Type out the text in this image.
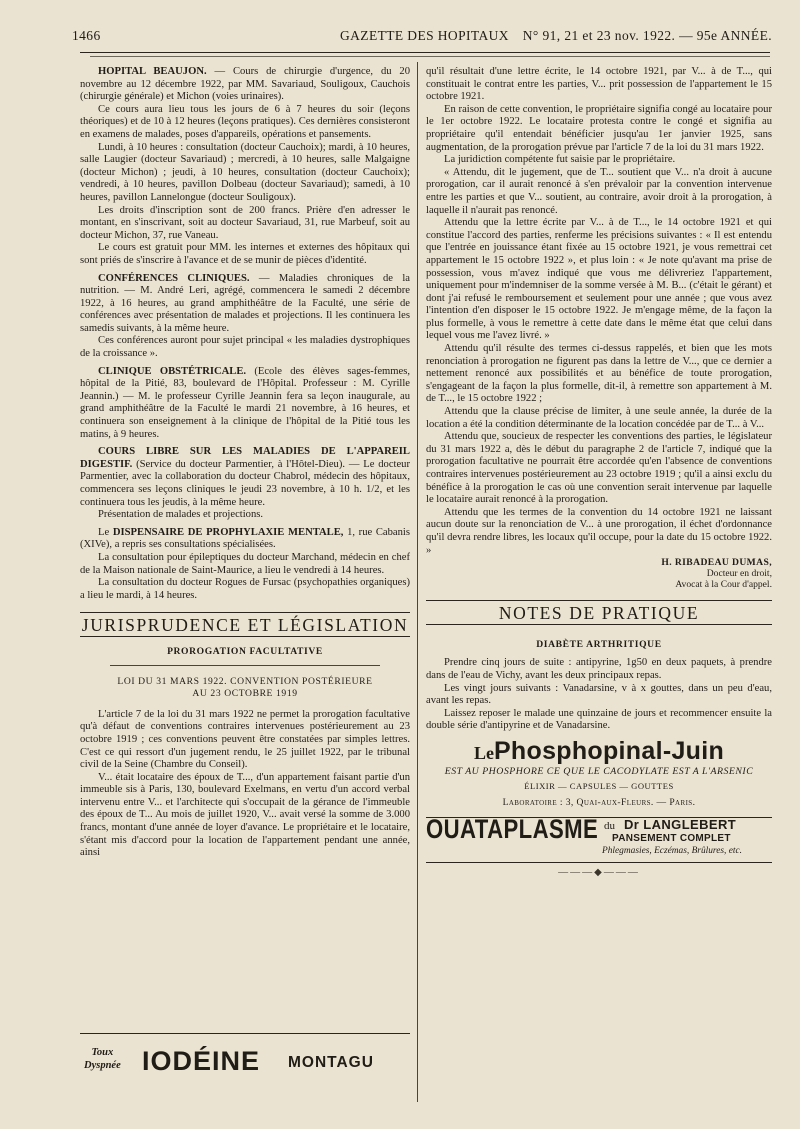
1466	GAZETTE DES HOPITAUX N° 91, 21 et 23 nov. 1922. — 95e ANNÉE.

HOPITAL BEAUJON. — Cours de chirurgie d'urgence, du 20 novembre au 12 décembre 1922, par MM. Savariaud, Souligoux, Cauchois (chirurgie générale) et Michon (voies urinaires).

Ce cours aura lieu tous les jours de 6 à 7 heures du soir (leçons théoriques) et de 10 à 12 heures (leçons pratiques). Ces dernières consisteront en examens de malades, poses d'appareils, opérations et pansements.

Lundi, à 10 heures : consultation (docteur Cauchoix); mardi, à 10 heures, salle Laugier (docteur Savariaud) ; mercredi, à 10 heures, salle Malgaigne (docteur Michon) ; jeudi, à 10 heures, consultation (docteur Cauchoix); vendredi, à 10 heures, pavillon Dolbeau (docteur Savariaud); samedi, à 10 heures, pavillon Lannelongue (docteur Souligoux).

Les droits d'inscription sont de 200 francs. Prière d'en adresser le montant, en s'inscrivant, soit au docteur Savariaud, 31, rue Marbeuf, soit au docteur Michon, 37, rue Vaneau.

Le cours est gratuit pour MM. les internes et externes des hôpitaux qui sont priés de s'inscrire à l'avance et de se munir de pièces d'identité.

CONFÉRENCES CLINIQUES. — Maladies chroniques de la nutrition. — M. André Leri, agrégé, commencera le samedi 2 décembre 1922, à 16 heures, au grand amphithéâtre de la Faculté, une série de conférences avec présentation de malades et projections. Il les continuera les samedis suivants, à la même heure.

Ces conférences auront pour sujet principal « les maladies dystrophiques de la croissance ».

CLINIQUE OBSTÉTRICALE. (Ecole des élèves sages-femmes, hôpital de la Pitié, 83, boulevard de l'Hôpital. Professeur : M. Cyrille Jeannin.) — M. le professeur Cyrille Jeannin fera sa leçon inaugurale, au grand amphithéâtre de la Faculté le mardi 21 novembre, à 16 heures, et continuera son enseignement à la clinique de l'hôpital de la Pitié tous les matins, à 9 heures.

COURS LIBRE SUR LES MALADIES DE L'APPAREIL DIGESTIF. (Service du docteur Parmentier, à l'Hôtel-Dieu). — Le docteur Parmentier, avec la collaboration du docteur Chabrol, médecin des hôpitaux, commencera ses leçons cliniques le jeudi 23 novembre, à 10 h. 1/2, et les continuera tous les jeudis, à la même heure.

Présentation de malades et projections.

Le DISPENSAIRE DE PROPHYLAXIE MENTALE, 1, rue Cabanis (XIVe), a repris ses consultations spécialisées.

La consultation pour épileptiques du docteur Marchand, médecin en chef de la Maison nationale de Saint-Maurice, a lieu le vendredi à 14 heures.

La consultation du docteur Rogues de Fursac (psychopathies organiques) a lieu le mardi, à 14 heures.

JURISPRUDENCE ET LÉGISLATION

PROROGATION FACULTATIVE

LOI DU 31 MARS 1922. CONVENTION POSTÉRIEURE

AU 23 OCTOBRE 1919

L'article 7 de la loi du 31 mars 1922 ne permet la prorogation facultative qu'à défaut de conventions contraires intervenues postérieurement au 23 octobre 1919 ; ces conventions peuvent être constatées par simples lettres. C'est ce qui ressort d'un jugement rendu, le 25 juillet 1922, par le tribunal civil de la Seine (Chambre du Conseil).

V... était locataire des époux de T..., d'un appartement faisant partie d'un immeuble sis à Paris, 130, boulevard Exelmans, en vertu d'un accord verbal intervenu entre V... et l'architecte qui s'occupait de la gérance de l'immeuble des époux de T... Au mois de juillet 1920, V... avait versé la somme de 3.000 francs, montant d'une année de loyer d'avance. Le propriétaire et le locataire, s'étant mis d'accord pour la location de l'appartement pendant une année, ainsi

Toux
Dyspnée IODÉINE MONTAGU

qu'il résultait d'une lettre écrite, le 14 octobre 1921, par V... à de T..., qui constituait le contrat entre les parties, V... prit possession de l'appartement le 15 octobre 1921.

En raison de cette convention, le propriétaire signifia congé au locataire pour le 1er octobre 1922. Le locataire protesta contre le congé et signifia au propriétaire qu'il entendait bénéficier jusqu'au 1er janvier 1925, sans augmentation, de la prorogation prévue par l'article 7 de la loi du 31 mars 1922.

La juridiction compétente fut saisie par le propriétaire.

« Attendu, dit le jugement, que de T... soutient que V... n'a droit à aucune prorogation, car il aurait renoncé à s'en prévaloir par la convention intervenue entre les parties et que V... soutient, au contraire, avoir droit à la prorogation, à laquelle il n'aurait pas renoncé.

Attendu que la lettre écrite par V... à de T..., le 14 octobre 1921 et qui constitue l'accord des parties, renferme les précisions suivantes : « Il est entendu que l'entrée en jouissance étant fixée au 15 octobre 1921, je vous remettrai cet appartement le 15 octobre 1922 », et plus loin : « Je note qu'avant ma prise de possession, vous m'avez indiqué que vous me délivreriez l'appartement, uniquement pour m'indemniser de la somme versée à M. B... (c'était le gérant) et dont j'ai refusé le remboursement et seulement pour une année ; que vous avez l'intention d'en disposer le 15 octobre 1922. Je m'engage même, de la façon la plus formelle, à vous le remettre à cette date dans le même état que celui dans lequel vous me l'avez livré. »

Attendu qu'il résulte des termes ci-dessus rappelés, et bien que les mots renonciation à prorogation ne figurent pas dans la lettre de V..., que ce dernier a nettement renoncé aux possibilités et au bénéfice de toute prorogation, s'engageant de la façon la plus formelle, dit-il, à remettre son appartement à M. de T..., le 15 octobre 1922 ;

Attendu que la clause précise de limiter, à une seule année, la durée de la location a été la condition déterminante de la location concédée par de T... à V...

Attendu que, soucieux de respecter les conventions des parties, le législateur du 31 mars 1922 a, dès le début du paragraphe 2 de l'article 7, indiqué que la prorogation facultative ne pourrait être accordée qu'en l'absence de conventions contraires intervenues postérieurement au 23 octobre 1919 ; qu'il a ainsi exclu du bénéfice à la prorogation le cas où une convention serait intervenue par laquelle le locataire aurait renoncé à la prorogation.

Attendu que les termes de la convention du 14 octobre 1921 ne laissant aucun doute sur la renonciation de V... à une prorogation, il échet d'ordonnance qu'il devra rendre libres, les locaux qu'il occupe, pour la date du 15 octobre 1922. »

H. RIBADEAU DUMAS,
Docteur en droit,
Avocat à la Cour d'appel.
NOTES DE PRATIQUE

DIABÈTE ARTHRITIQUE

Prendre cinq jours de suite : antipyrine, 1g50 en deux paquets, à prendre dans de l'eau de Vichy, avant les deux principaux repas.

Les vingt jours suivants : Vanadarsine, v à x gouttes, dans un peu d'eau, avant les repas.

Laissez reposer le malade une quinzaine de jours et recommencer ensuite la double série d'antipyrine et de Vanadarsine.

LePhosphopinal-Juin

EST AU PHOSPHORE CE QUE LE CACODYLATE EST A L'ARSENIC

ÉLIXIR — CAPSULES — GOUTTES

Laboratoire : 3, Quai-aux-Fleurs. — Paris.

OUATAPLASME du Dr LANGLEBERT
PANSEMENT COMPLET
Phlegmasies, Eczémas, Brûlures, etc.

———◆———
